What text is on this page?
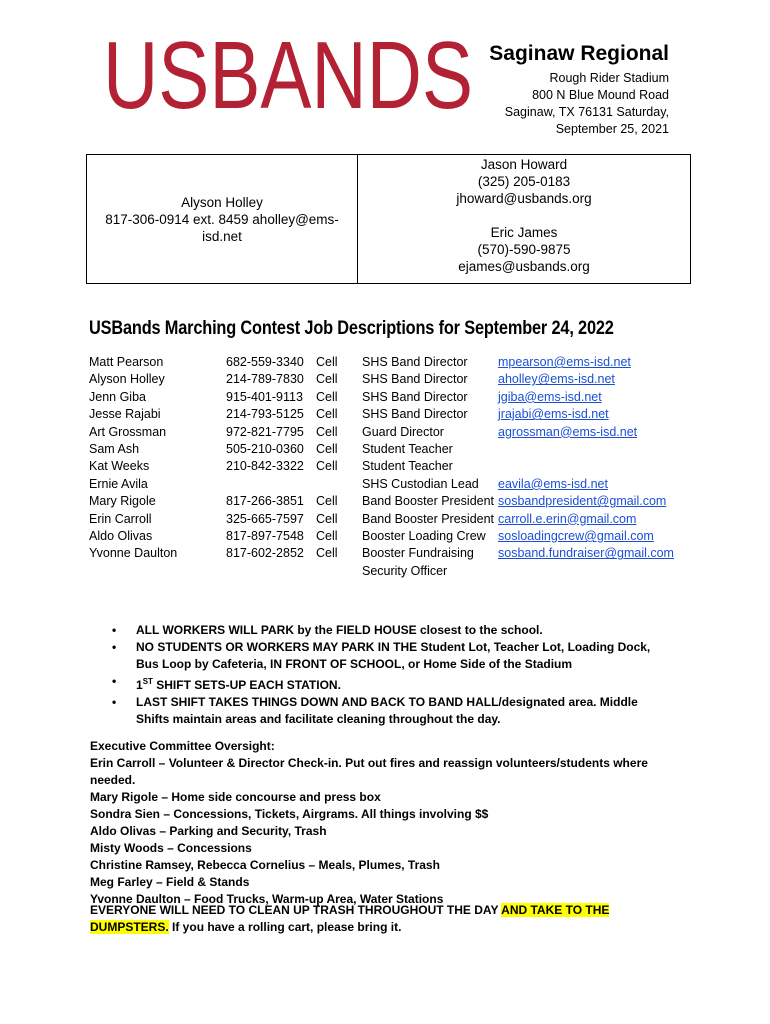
USBANDS Saginaw Regional
Rough Rider Stadium
800 N Blue Mound Road
Saginaw, TX 76131 Saturday,
September 25, 2021
Alyson Holley
817-306-0914 ext. 8459 aholley@ems-isd.net
Jason Howard
(325) 205-0183
jhoward@usbands.org
Eric James
(570)-590-9875
ejames@usbands.org
USBands Marching Contest Job Descriptions for September 24, 2022
Matt Pearson	682-559-3340 Cell SHS Band Director mpearson@ems-isd.net
Alyson Holley	214-789-7830 Cell SHS Band Director aholley@ems-isd.net
Jenn Giba	915-401-9113 Cell SHS Band Director jgiba@ems-isd.net
Jesse Rajabi	214-793-5125 Cell SHS Band Director jrajabi@ems-isd.net
Art Grossman	972-821-7795 Cell Guard Director	agrossman@ems-isd.net
Sam Ash	505-210-0360 Cell Student Teacher
Kat Weeks	210-842-3322 Cell Student Teacher
Ernie Avila	SHS Custodian Lead eavila@ems-isd.net
Mary Rigole	817-266-3851 Cell Band Booster President sosbandpresident@gmail.com
Erin Carroll	325-665-7597 Cell Band Booster President carroll.e.erin@gmail.com
Aldo Olivas	817-897-7548 Cell Booster Loading Crew sosloadingcrew@gmail.com
Yvonne Daulton	817-602-2852 Cell Booster Fundraising sosband.fundraiser@gmail.com
Security Officer
• ALL WORKERS WILL PARK by the FIELD HOUSE closest to the school.
• NO STUDENTS OR WORKERS MAY PARK IN THE Student Lot, Teacher Lot, Loading Dock, Bus Loop by Cafeteria, IN FRONT OF SCHOOL, or Home Side of the Stadium
• 1ST SHIFT SETS-UP EACH STATION.
• LAST SHIFT TAKES THINGS DOWN AND BACK TO BAND HALL/designated area. Middle Shifts maintain areas and facilitate cleaning throughout the day.
Executive Committee Oversight:
Erin Carroll – Volunteer & Director Check-in. Put out fires and reassign volunteers/students where needed.
Mary Rigole – Home side concourse and press box
Sondra Sien – Concessions, Tickets, Airgrams. All things involving $$
Aldo Olivas – Parking and Security, Trash
Misty Woods – Concessions
Christine Ramsey, Rebecca Cornelius – Meals, Plumes, Trash
Meg Farley – Field & Stands
Yvonne Daulton – Food Trucks, Warm-up Area, Water Stations
EVERYONE WILL NEED TO CLEAN UP TRASH THROUGHOUT THE DAY AND TAKE TO THE DUMPSTERS. If you have a rolling cart, please bring it.
